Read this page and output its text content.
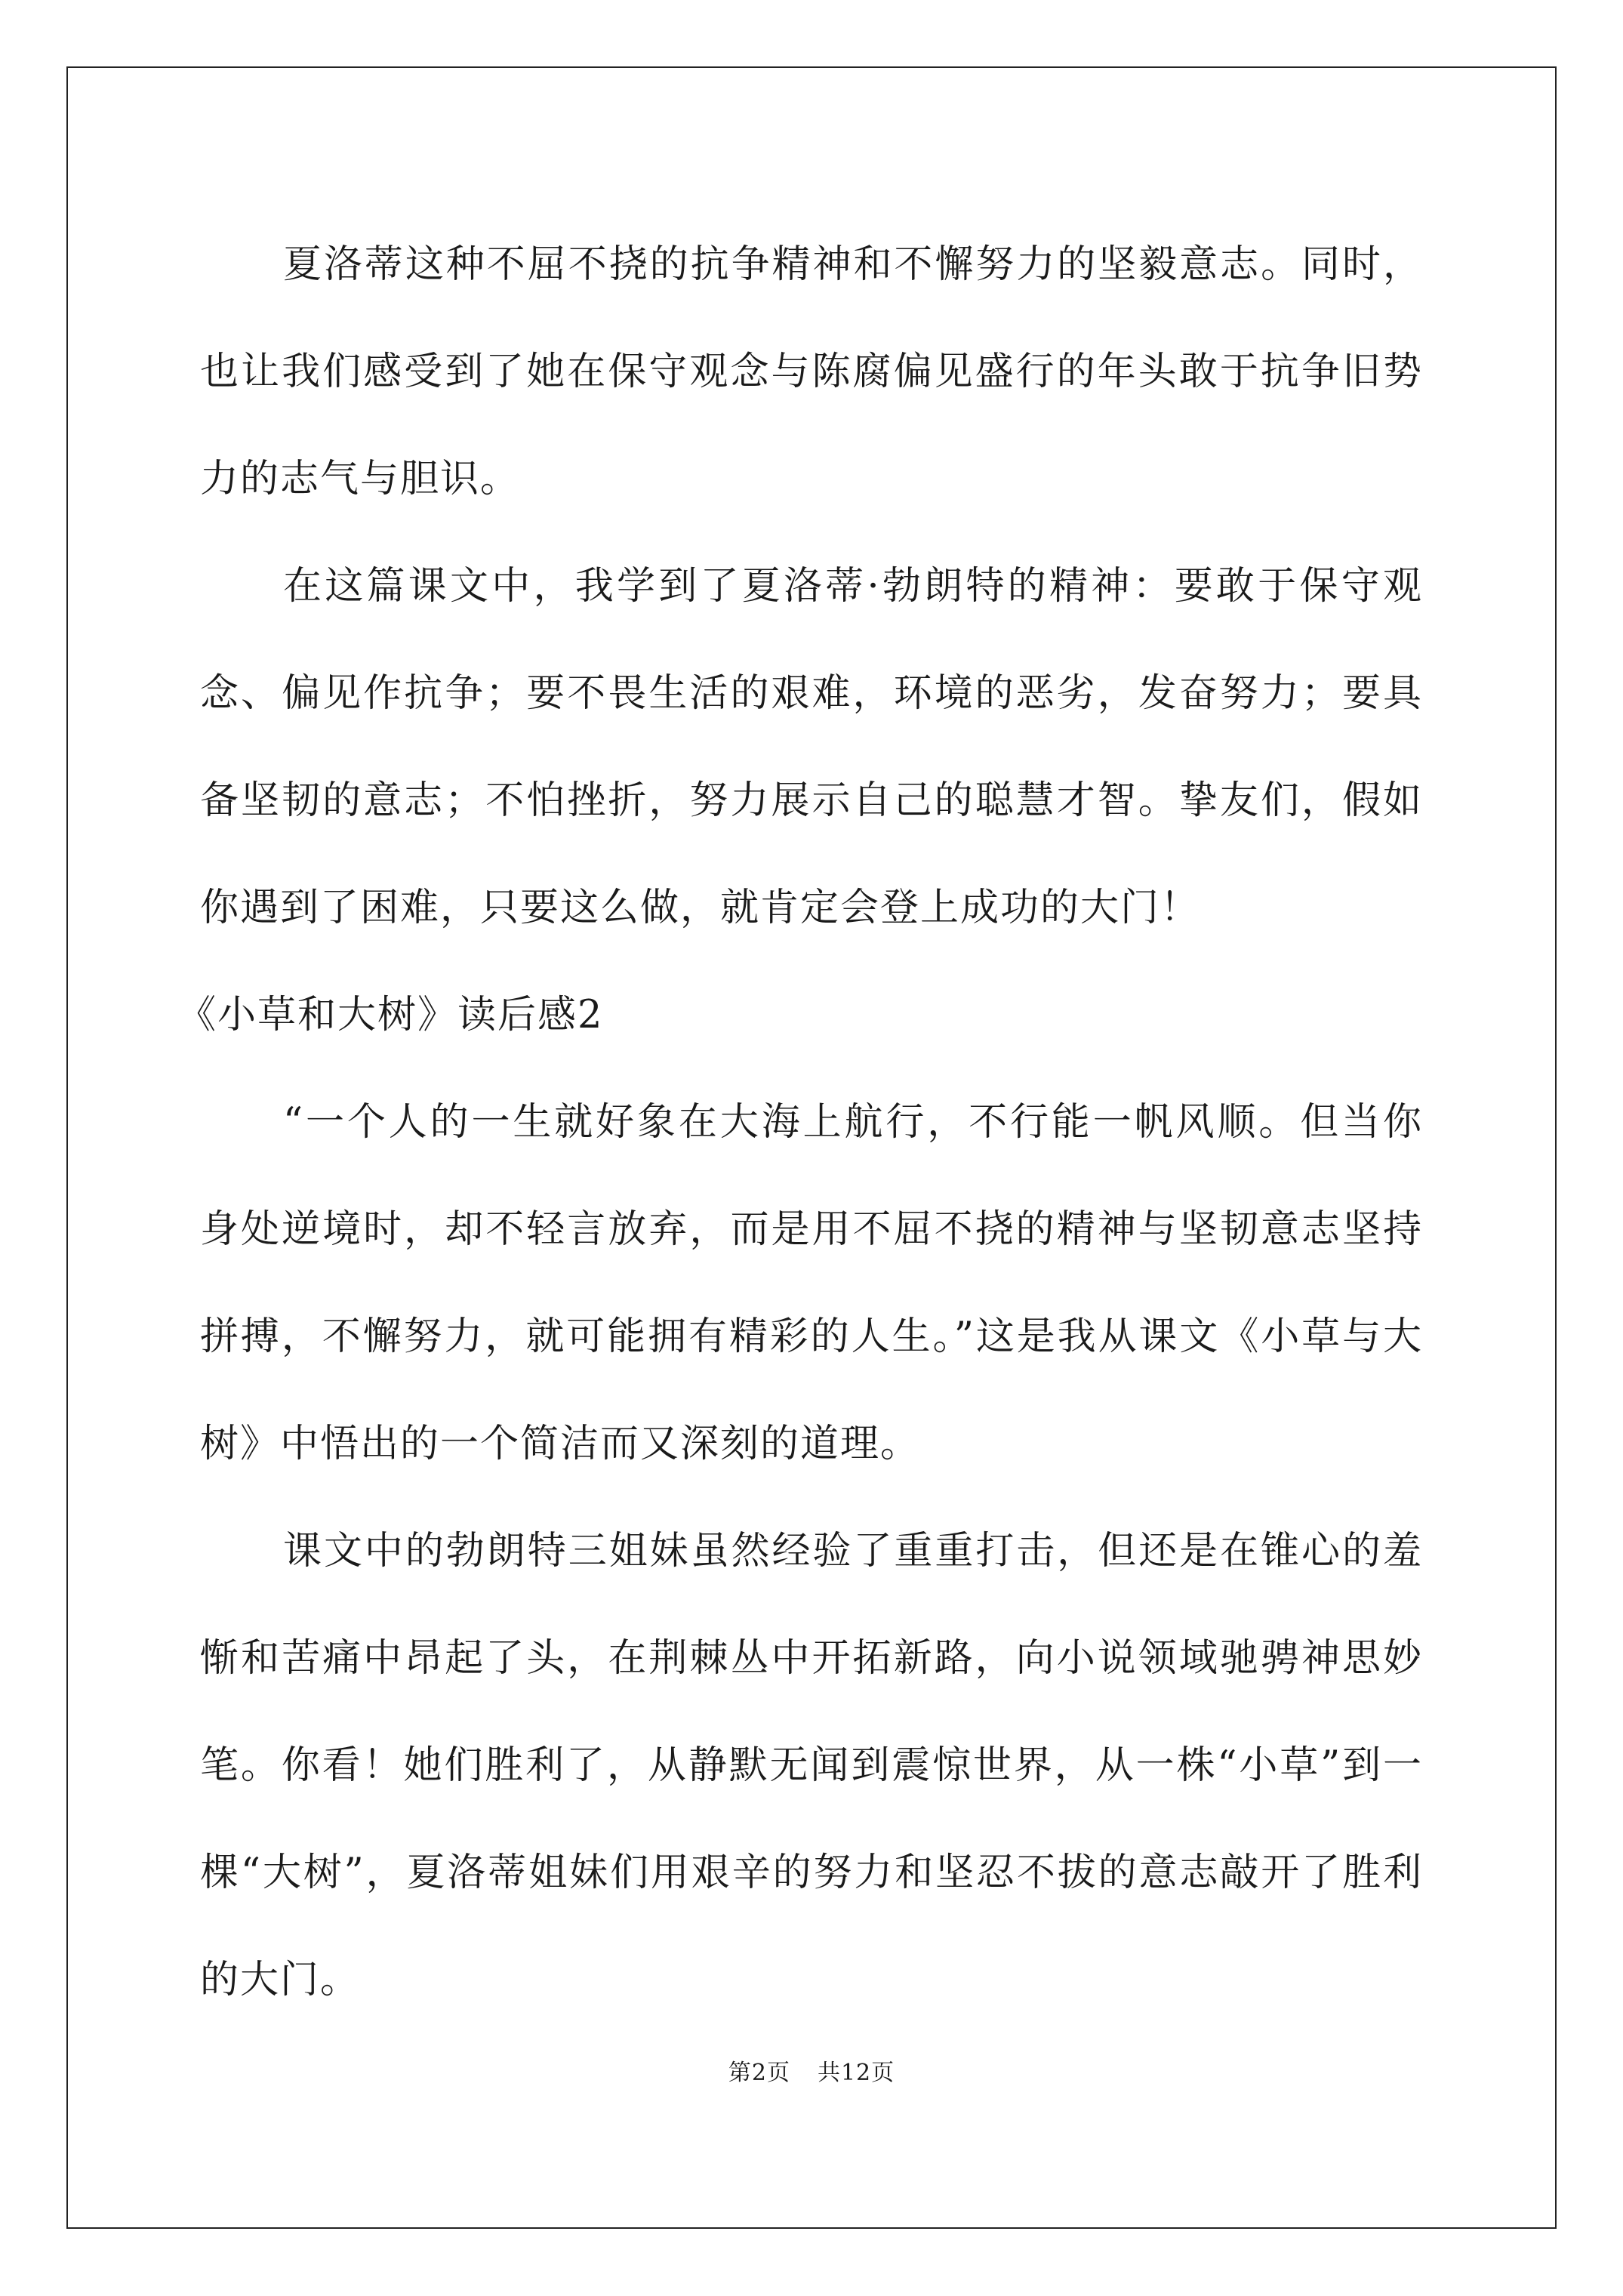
夏洛蒂这种不屈不挠的抗争精神和不懈努力的坚毅意志。同时，也让我们感受到了她在保守观念与陈腐偏见盛行的年头敢于抗争旧势力的志气与胆识。

在这篇课文中，我学到了夏洛蒂·勃朗特的精神：要敢于保守观念、偏见作抗争；要不畏生活的艰难，环境的恶劣，发奋努力；要具备坚韧的意志；不怕挫折，努力展示自己的聪慧才智。挚友们，假如你遇到了困难，只要这么做，就肯定会登上成功的大门！

《小草和大树》读后感2

“一个人的一生就好象在大海上航行，不行能一帆风顺。但当你身处逆境时，却不轻言放弃，而是用不屈不挠的精神与坚韧意志坚持拼搏，不懈努力，就可能拥有精彩的人生。”这是我从课文《小草与大树》中悟出的一个简洁而又深刻的道理。

课文中的勃朗特三姐妹虽然经验了重重打击，但还是在锥心的羞惭和苦痛中昂起了头，在荆棘丛中开拓新路，向小说领域驰骋神思妙笔。你看！她们胜利了，从静默无闻到震惊世界，从一株“小草”到一棵“大树”，夏洛蒂姐妹们用艰辛的努力和坚忍不拔的意志敲开了胜利的大门。

第2页 共12页
